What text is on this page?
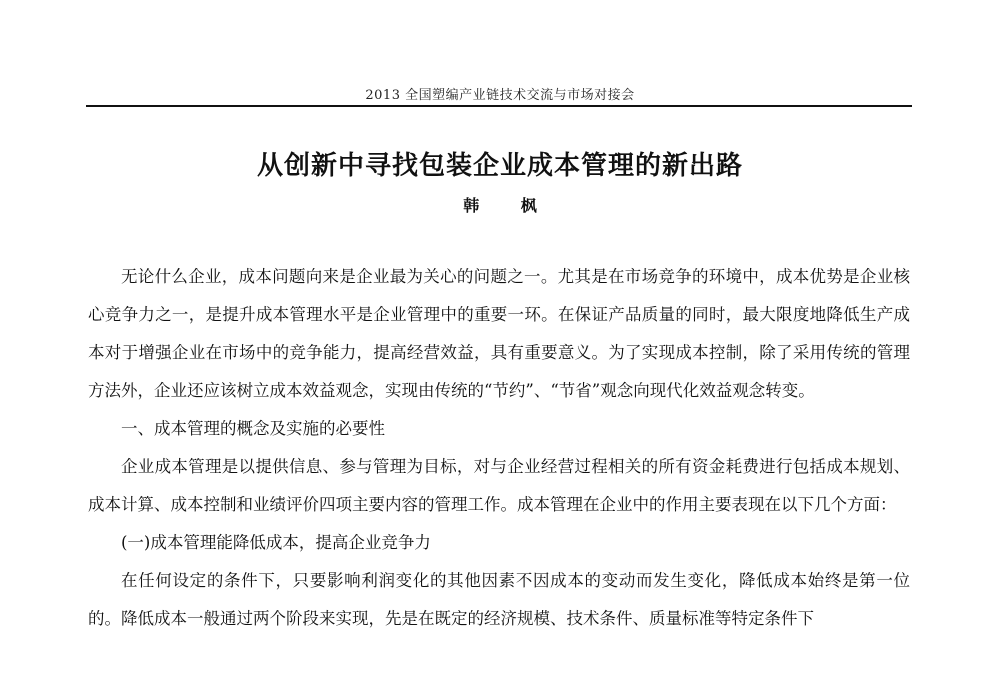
2013 全国塑编产业链技术交流与市场对接会
从创新中寻找包装企业成本管理的新出路
韩 枫

无论什么企业，成本问题向来是企业最为关心的问题之一。尤其是在市场竞争的环境中，成本优势是企业核心竞争力之一，是提升成本管理水平是企业管理中的重要一环。在保证产品质量的同时，最大限度地降低生产成本对于增强企业在市场中的竞争能力，提高经营效益，具有重要意义。为了实现成本控制，除了采用传统的管理方法外，企业还应该树立成本效益观念，实现由传统的“节约”、“节省”观念向现代化效益观念转变。

一、成本管理的概念及实施的必要性

企业成本管理是以提供信息、参与管理为目标，对与企业经营过程相关的所有资金耗费进行包括成本规划、成本计算、成本控制和业绩评价四项主要内容的管理工作。成本管理在企业中的作用主要表现在以下几个方面：

(一)成本管理能降低成本，提高企业竞争力

在任何设定的条件下，只要影响利润变化的其他因素不因成本的变动而发生变化，降低成本始终是第一位的。降低成本一般通过两个阶段来实现，先是在既定的经济规模、技术条件、质量标准等特定条件下
